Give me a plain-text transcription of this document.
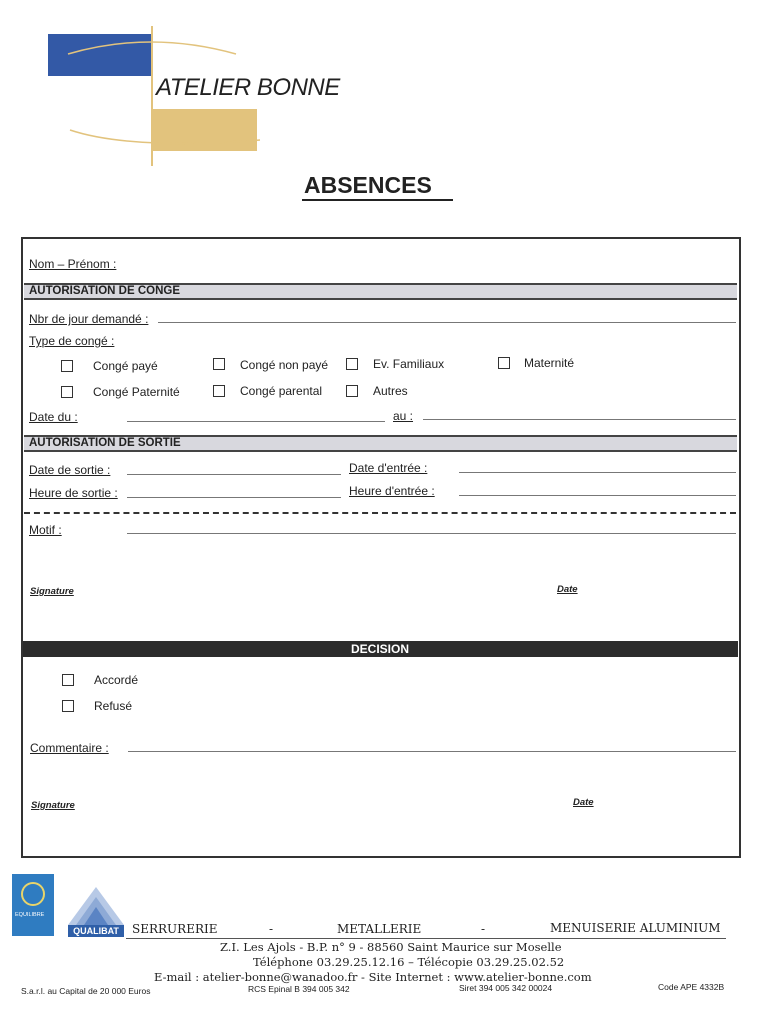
ATELIER BONNE
ABSENCES
Nom – Prénom :
AUTORISATION DE CONGE
Nbr de jour demandé :
Type de congé :
Congé payé	Congé non payé	Ev. Familiaux	Maternité
Congé Paternité	Congé parental	Autres
Date du :	au :
AUTORISATION DE SORTIE
Date de sortie :	Date d'entrée :
Heure de sortie :	Heure d'entrée :
Motif :
Signature	Date
DECISION
Accordé
Refusé
Commentaire :
Signature	Date
EQUILIBRE
QUALIBAT	SERRURERIE	-	METALLERIE	-	MENUISERIE ALUMINIUM
Z.I. Les Ajols - B.P. n° 9 - 88560 Saint Maurice sur Moselle
Téléphone 03.29.25.12.16 – Télécopie 03.29.25.02.52
E-mail : atelier-bonne@wanadoo.fr - Site Internet : www.atelier-bonne.com
S.a.r.l. au Capital de 20 000 Euros	RCS Epinal B 394 005 342	Siret 394 005 342 00024	Code APE 4332B
